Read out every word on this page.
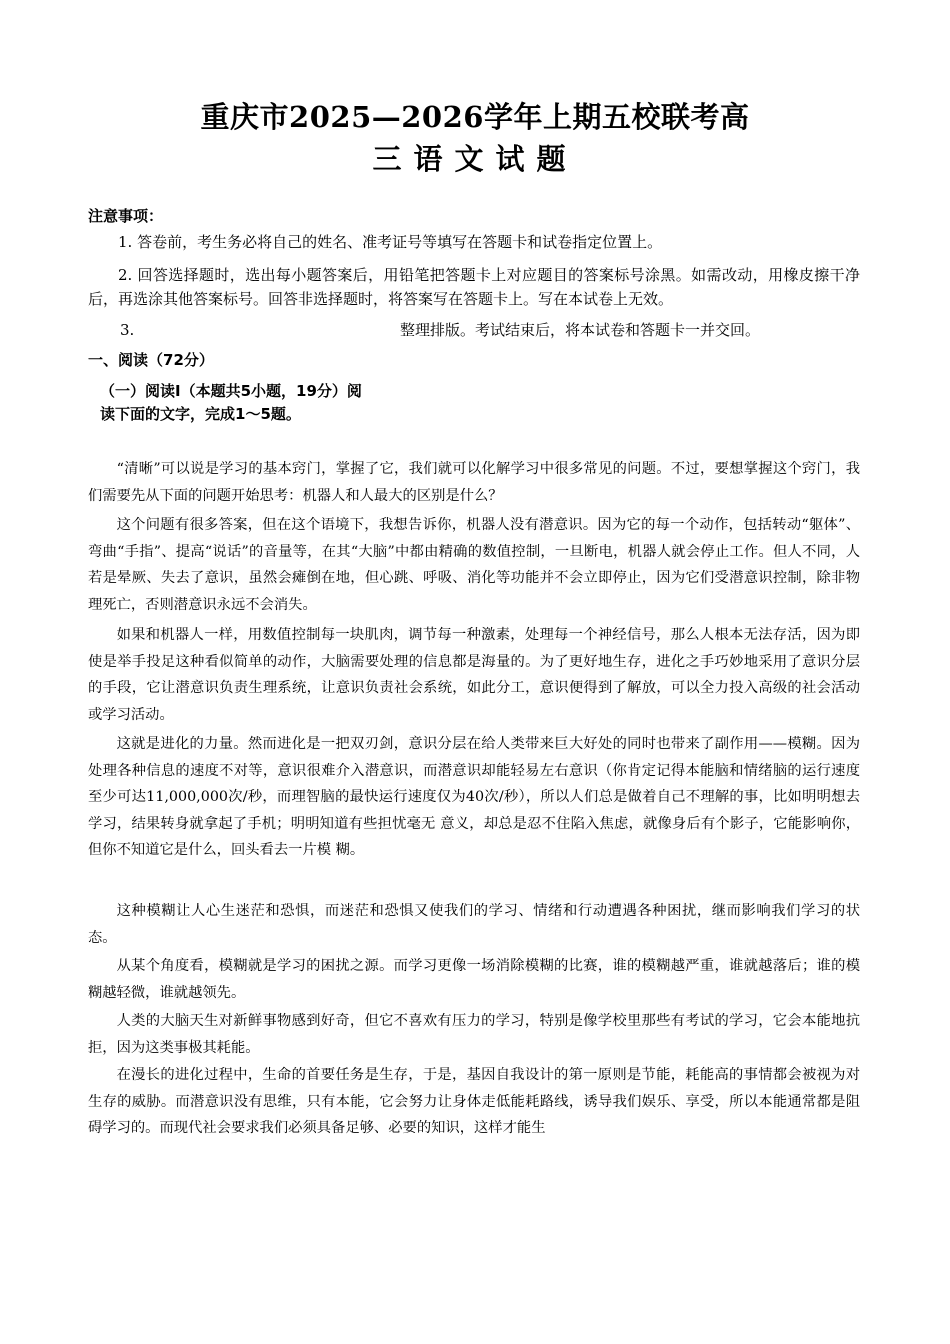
重庆市2025—2026学年上期五校联考高
三语文试题

注意事项：

1. 答卷前，考生务必将自己的姓名、准考证号等填写在答题卡和试卷指定位置上。

2. 回答选择题时，选出每小题答案后，用铅笔把答题卡上对应题目的答案标号涂黑。如需改动，用橡皮擦干净后，再选涂其他答案标号。回答非选择题时，将答案写在答题卡上。写在本试卷上无效。

3.	整理排版。考试结束后，将本试卷和答题卡一并交回。

一、阅读（72分）

（一）阅读Ⅰ（本题共5小题，19分）阅读下面的文字，完成1～5题。

“清晰”可以说是学习的基本窍门，掌握了它，我们就可以化解学习中很多常见的问题。不过，要想掌握这个窍门，我们需要先从下面的问题开始思考：机器人和人最大的区别是什么？

这个问题有很多答案，但在这个语境下，我想告诉你，机器人没有潜意识。因为它的每一个动作，包括转动“躯体”、弯曲“手指”、提高“说话”的音量等，在其“大脑”中都由精确的数值控制，一旦断电，机器人就会停止工作。但人不同，人若是晕厥、失去了意识，虽然会瘫倒在地，但心跳、呼吸、消化等功能并不会立即停止，因为它们受潜意识控制，除非物理死亡，否则潜意识永远不会消失。

如果和机器人一样，用数值控制每一块肌肉，调节每一种激素，处理每一个神经信号，那么人根本无法存活，因为即使是举手投足这种看似简单的动作，大脑需要处理的信息都是海量的。为了更好地生存，进化之手巧妙地采用了意识分层的手段，它让潜意识负责生理系统，让意识负责社会系统，如此分工，意识便得到了解放，可以全力投入高级的社会活动或学习活动。

这就是进化的力量。然而进化是一把双刃剑，意识分层在给人类带来巨大好处的同时也带来了副作用——模糊。因为处理各种信息的速度不对等，意识很难介入潜意识，而潜意识却能轻易左右意识（你肯定记得本能脑和情绪脑的运行速度至少可达11,000,000次/秒，而理智脑的最快运行速度仅为40次/秒），所以人们总是做着自己不理解的事，比如明明想去学习，结果转身就拿起了手机；明明知道有些担忧毫无 意义，却总是忍不住陷入焦虑，就像身后有个影子，它能影响你，但你不知道它是什么，回头看去一片模 糊。

这种模糊让人心生迷茫和恐惧，而迷茫和恐惧又使我们的学习、情绪和行动遭遇各种困扰，继而影响我们学习的状态。

从某个角度看，模糊就是学习的困扰之源。而学习更像一场消除模糊的比赛，谁的模糊越严重，谁就越落后；谁的模糊越轻微，谁就越领先。

人类的大脑天生对新鲜事物感到好奇，但它不喜欢有压力的学习，特别是像学校里那些有考试的学习，它会本能地抗拒，因为这类事极其耗能。

在漫长的进化过程中，生命的首要任务是生存，于是，基因自我设计的第一原则是节能，耗能高的事情都会被视为对生存的威胁。而潜意识没有思维，只有本能，它会努力让身体走低能耗路线，诱导我们娱乐、享受，所以本能通常都是阻碍学习的。而现代社会要求我们必须具备足够、必要的知识，这样才能生
